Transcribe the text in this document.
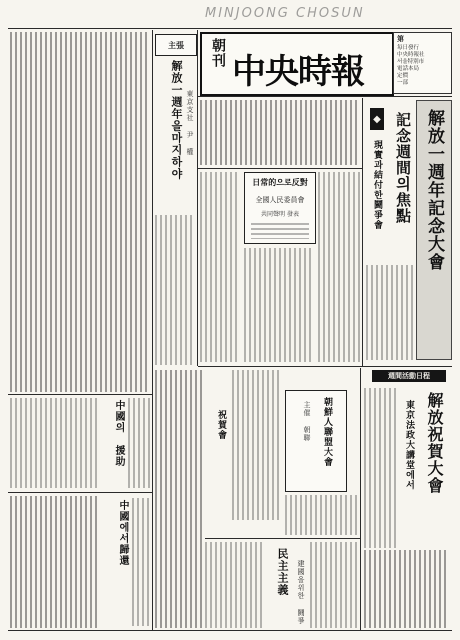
MINJOONG CHOSUN
主張
解放一週年을마지하야 東京支社 尹 權
朝刊 中央時報
第
毎日發行
中央時報社
서울特別市
電話本局
定價
一部
日常的으로反對
全國人民委員會
共同聲明 發表
◆ 記念週間의焦點
現實과結付한鬪爭會 解放一週年記念大會
中國의 援助
中國에서歸還
祝賀會	朝鮮人聯盟大會
主催 朝聯
民主主義	建國을위한 鬪爭
週間活動日程
解放祝賀大會
東京法政大講堂에서
